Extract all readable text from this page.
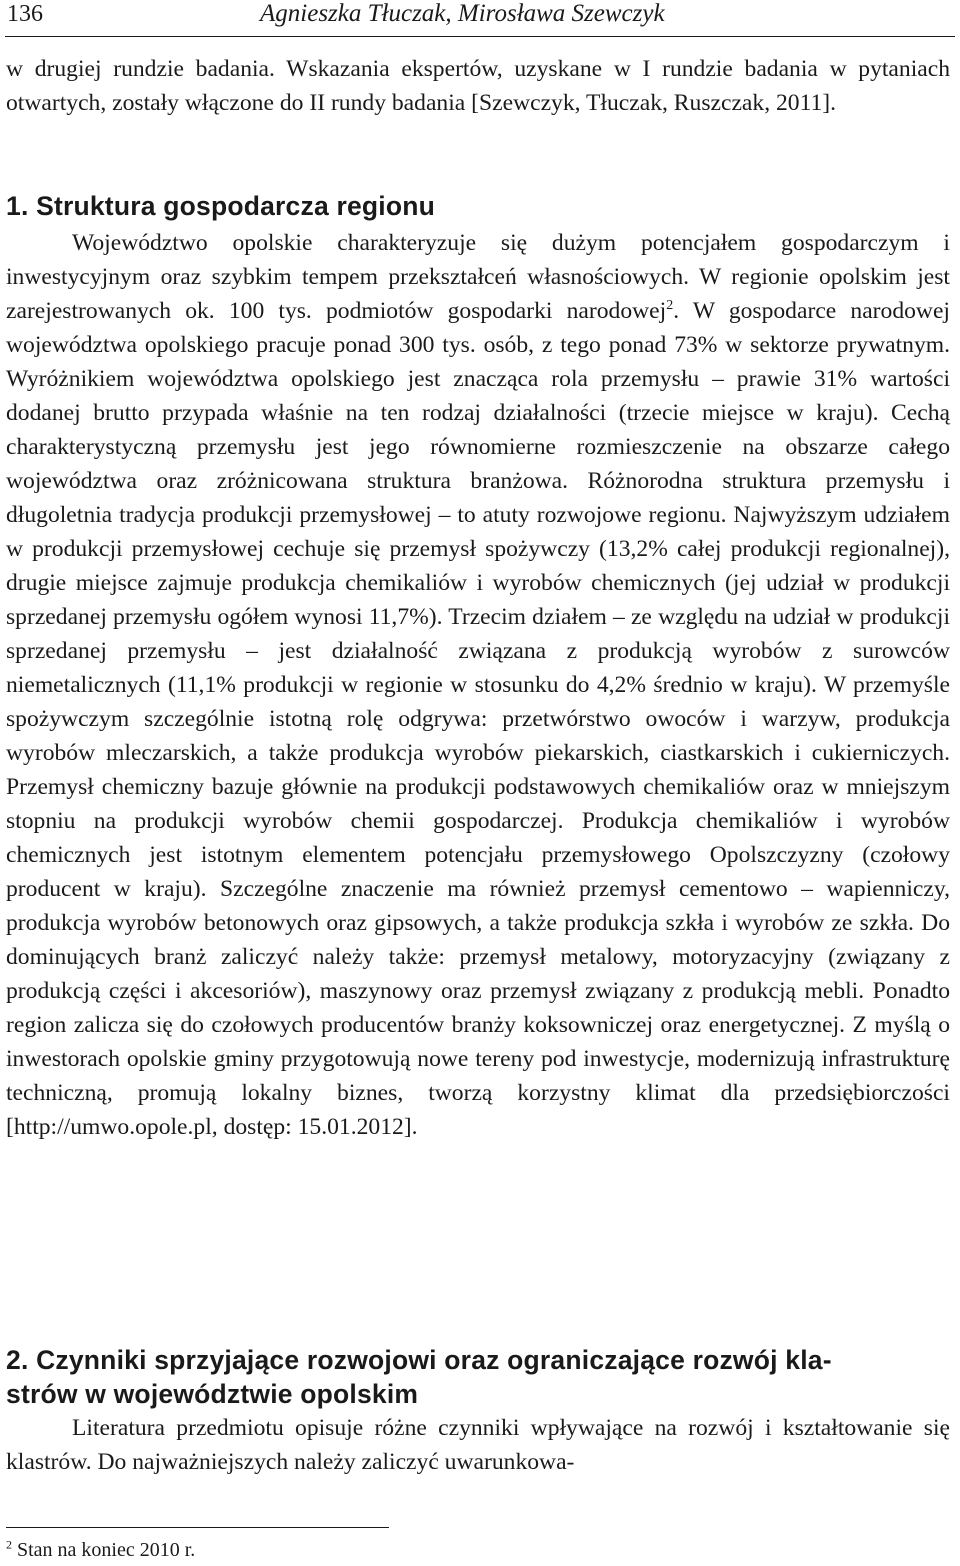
136	Agnieszka Tłuczak, Mirosława Szewczyk

w drugiej rundzie badania. Wskazania ekspertów, uzyskane w I rundzie badania w pytaniach otwartych, zostały włączone do II rundy badania [Szewczyk, Tłuczak, Ruszczak, 2011].

1. Struktura gospodarcza regionu

Województwo opolskie charakteryzuje się dużym potencjałem gospodarczym i inwestycyjnym oraz szybkim tempem przekształceń własnościowych. W regionie opolskim jest zarejestrowanych ok. 100 tys. podmiotów gospodarki narodowej$^2$. W gospodarce narodowej województwa opolskiego pracuje ponad 300 tys. osób, z tego ponad 73% w sektorze prywatnym. Wyróżnikiem województwa opolskiego jest znacząca rola przemysłu – prawie 31% wartości dodanej brutto przypada właśnie na ten rodzaj działalności (trzecie miejsce w kraju). Cechą charakterystyczną przemysłu jest jego równomierne rozmieszczenie na obszarze całego województwa oraz zróżnicowana struktura branżowa. Różnorodna struktura przemysłu i długoletnia tradycja produkcji przemysłowej – to atuty rozwojowe regionu. Najwyższym udziałem w produkcji przemysłowej cechuje się przemysł spożywczy (13,2% całej produkcji regionalnej), drugie miejsce zajmuje produkcja chemikaliów i wyrobów chemicznych (jej udział w produkcji sprzedanej przemysłu ogółem wynosi 11,7%). Trzecim działem – ze względu na udział w produkcji sprzedanej przemysłu – jest działalność związana z produkcją wyrobów z surowców niemetalicznych (11,1% produkcji w regionie w stosunku do 4,2% średnio w kraju). W przemyśle spożywczym szczególnie istotną rolę odgrywa: przetwórstwo owoców i warzyw, produkcja wyrobów mleczarskich, a także produkcja wyrobów piekarskich, ciastkarskich i cukierniczych. Przemysł chemiczny bazuje głównie na produkcji podstawowych chemikaliów oraz w mniejszym stopniu na produkcji wyrobów chemii gospodarczej. Produkcja chemikaliów i wyrobów chemicznych jest istotnym elementem potencjału przemysłowego Opolszczyzny (czołowy producent w kraju). Szczególne znaczenie ma również przemysł cementowo – wapienniczy, produkcja wyrobów betonowych oraz gipsowych, a także produkcja szkła i wyrobów ze szkła. Do dominujących branż zaliczyć należy także: przemysł metalowy, motoryzacyjny (związany z produkcją części i akcesoriów), maszynowy oraz przemysł związany z produkcją mebli. Ponadto region zalicza się do czołowych producentów branży koksowniczej oraz energetycznej. Z myślą o inwestorach opolskie gminy przygotowują nowe tereny pod inwestycje, modernizują infrastrukturę techniczną, promują lokalny biznes, tworzą korzystny klimat dla przedsiębiorczości [http://umwo.opole.pl, dostęp: 15.01.2012].

2. Czynniki sprzyjające rozwojowi oraz ograniczające rozwój kla-
strów w województwie opolskim

Literatura przedmiotu opisuje różne czynniki wpływające na rozwój i kształtowanie się klastrów. Do najważniejszych należy zaliczyć uwarunkowa-

$^2$ Stan na koniec 2010 r.
